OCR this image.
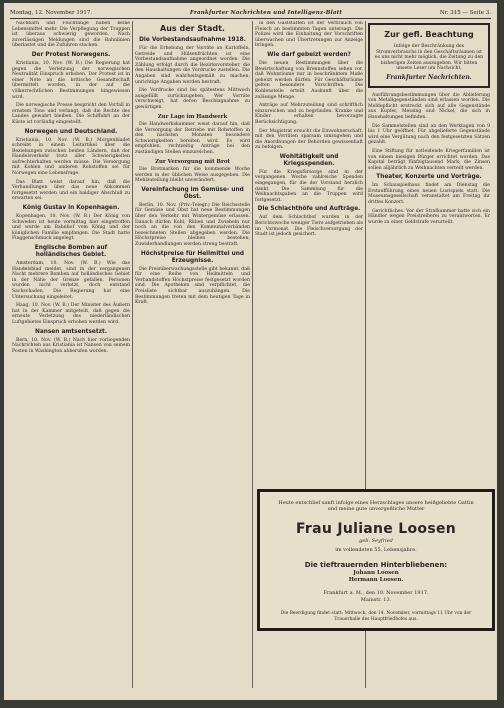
Montag, 12. November 1917.	Frankfurter Nachrichten und Intelligenz-Blatt	Nr. 315 — Seite 3.

Nachbarn und Flüchtlinge haben keine Lebensmittel mehr. Die Verpflegung der Truppen ist überaus schwierig geworden. Nach zuverlässigen Meldungen sind die Bahnlinien überlastet und die Zufuhren stocken.

Der Protest Norwegens.

Kristiania, 10. Nov. (W. B.) Die Regierung hat gegen die Verletzung der norwegischen Neutralität Einspruch erhoben. Der Protest ist in einer Note an die britische Gesandtschaft übermittelt worden, in der auf die völkerrechtlichen Bestimmungen hingewiesen wird.

Die norwegische Presse bespricht den Vorfall in ernstem Tone und verlangt, daß die Rechte des Landes gewahrt bleiben. Die Schiffahrt an der Küste ist vorläufig eingestellt.

Norwegen und Deutschland.

Kristiania, 10. Nov. (W. B.) Morgenbladet schreibt in einem Leitartikel über die Beziehungen zwischen beiden Ländern, daß der Handelsverkehr trotz aller Schwierigkeiten aufrechterhalten werden müsse. Die Versorgung mit Kohlen und anderen Rohstoffen sei für Norwegen eine Lebensfrage.

Das Blatt weist darauf hin, daß die Verhandlungen über das neue Abkommen fortgesetzt werden und ein baldiger Abschluß zu erwarten sei.

König Gustav in Kopenhagen.

Kopenhagen, 10. Nov. (W. B.) Der König von Schweden ist heute vormittag hier eingetroffen und wurde am Bahnhof vom König und der königlichen Familie empfangen. Die Stadt hatte Flaggenschmuck angelegt.

Englische Bomben auf holländisches Gebiet.

Amsterdam, 10. Nov. (W. B.) Wie das Handelsblad meldet, sind in der vergangenen Nacht mehrere Bomben auf holländisches Gebiet in der Nähe der Grenze gefallen. Personen wurden nicht verletzt, doch entstand Sachschaden. Die Regierung hat eine Untersuchung eingeleitet.

Haag, 10. Nov. (W. B.) Der Minister des Äußern hat in der Kammer mitgeteilt, daß gegen die erneute Verletzung des niederländischen Luftgebietes Einspruch erhoben werden wird.

Nansen amtsentsetzt.

Bern, 10. Nov. (W. B.) Nach hier vorliegenden Nachrichten aus Kristiania ist Nansen von seinem Posten in Washington abberufen worden.

Aus der Stadt.
Die Vorbestandsaufnahme 1918.

Für die Erhebung der Vorräte an Kartoffeln, Getreide und Hülsenfrüchten ist eine Vorbestandsaufnahme angeordnet worden. Die Zählung erfolgt durch die Bezirksvorsteher, die den Haushaltungen die Vordrucke zustellen. Die Angaben sind wahrheitsgemäß zu machen; unrichtige Angaben werden bestraft.

Die Vordrucke sind bis spätestens Mittwoch ausgefüllt zurückzugeben. Wer Vorräte verschweigt, hat deren Beschlagnahme zu gewärtigen.

Zur Lage im Handwerk

Die Handwerkskammer weist darauf hin, daß die Versorgung der Betriebe mit Rohstoffen in den nächsten Monaten besondere Schwierigkeiten bereiten wird. Es wird empfohlen, rechtzeitig Anträge bei den zuständigen Stellen einzureichen.

Zur Versorgung mit Brot

Die Brotmarken für die kommende Woche werden in der üblichen Weise ausgegeben. Die Mehlzuteilung bleibt unverändert.

Vereinfachung im Gemüse- und Obst.

Berlin, 10. Nov. (Priv.-Telegr.) Die Reichsstelle für Gemüse und Obst hat neue Bestimmungen über den Verkehr mit Wintergemüse erlassen. Danach dürfen Kohl, Rüben und Zwiebeln nur noch an die von den Kommunalverbänden bezeichneten Stellen abgegeben werden. Die Höchstpreise bleiben bestehen; Zuwiderhandlungen werden streng bestraft.

Höchstpreise für Heilmittel und Erzeugnisse.

Die Preisüberwachungsstelle gibt bekannt, daß für eine Reihe von Heilmitteln und Verbandstoffen Höchstpreise festgesetzt worden sind. Die Apotheken sind verpflichtet, die Preisliste sichtbar auszuhängen. Die Bestimmungen treten mit dem heutigen Tage in Kraft.

in den Gaststätten ist der Verbrauch von Fleisch an bestimmten Tagen untersagt. Die Polizei wird die Einhaltung der Vorschriften überwachen und Übertretungen zur Anzeige bringen.

Wie darf gebeizt werden?

Die neuen Bestimmungen über die Bewirtschaftung von Brennstoffen sehen vor, daß Wohnräume nur in beschränktem Maße geheizt werden dürfen. Für Geschäftsräume gelten besondere Vorschriften. Die Kohlenstelle erteilt Auskunft über die zulässige Menge.

Anträge auf Mehrzuteilung sind schriftlich einzureichen und zu begründen. Kranke und Kinder erhalten bevorzugte Berücksichtigung.

Der Magistrat ersucht die Einwohnerschaft, mit den Vorräten sparsam umzugehen und die Anordnungen der Behörden gewissenhaft zu befolgen.

Wohltätigkeit und Kriegsspenden.

Für die Kriegsfürsorge sind in der vergangenen Woche zahlreiche Spenden eingegangen, für die der Vorstand herzlich dankt. Die Sammlung für die Weihnachtsgaben an die Truppen wird fortgesetzt.

Die Schlachthöfe und Aufträge.

Auf dem Schlachthof wurden in der Berichtswoche weniger Tiere aufgetrieben als im Vormonat. Die Fleischversorgung der Stadt ist jedoch gesichert.

Zur gefl. Beachtung

Infolge der Beschränkung des Stromverbrauchs in den Geschäftsräumen ist es uns nicht mehr möglich, die Zeitung zu den bisherigen Zeiten auszugeben. Wir bitten unsere Leser um Nachsicht.

Frankfurter Nachrichten.

Ausführungsbestimmungen über die Ablieferung von Metallgegenständen sind erlassen worden. Die Meldepflicht erstreckt sich auf alle Gegenstände aus Kupfer, Messing und Nickel, die sich in Haushaltungen befinden.

Die Sammelstellen sind an den Werktagen von 9 bis 1 Uhr geöffnet. Für abgelieferte Gegenstände wird eine Vergütung nach den festgesetzten Sätzen gezahlt.

Eine Stiftung für notleidende Kriegerfamilien ist von einem hiesigen Bürger errichtet worden. Das Kapital beträgt fünfzigtausend Mark; die Zinsen sollen alljährlich zu Weihnachten verteilt werden.

Theater, Konzerte und Vorträge.

Im Schauspielhaus findet am Dienstag die Erstaufführung eines neuen Lustspiels statt. Die Museumsgesellschaft veranstaltet am Freitag ihr drittes Konzert.

Gerichtliches. Vor der Strafkammer hatte sich ein Händler wegen Preistreiberei zu verantworten. Er wurde zu einer Geldstrafe verurteilt.

Heute entschlief sanft infolge eines Herzschlages unsere heißgeliebte Gattin und meine gute unvergeßliche Mutter
Frau Juliane Loosen
geb. Seyfried
im vollendeten 55. Lebensjahre.
Die tieftrauernden Hinterbliebenen:
Johann Loosen
Hermann Loosen.
Frankfurt a. M., den 10. November 1917.
Mainstr. 13.
Die Beerdigung findet statt: Mittwoch, den 14. November, vormittags 11 Uhr von der Trauerhalle des Hauptfriedhofes aus.
